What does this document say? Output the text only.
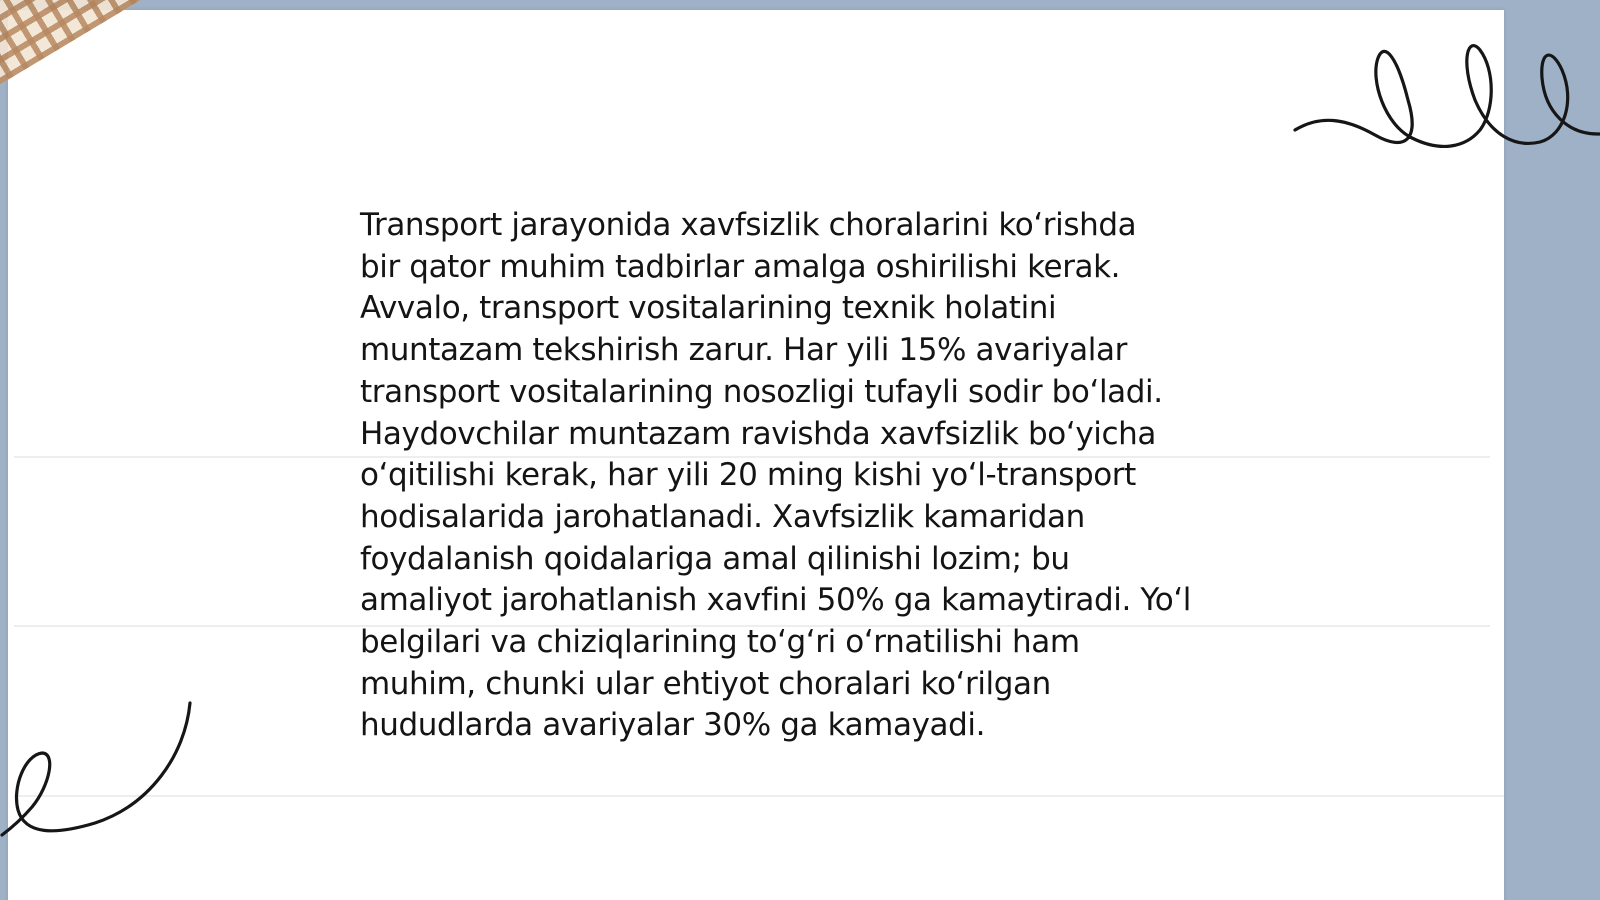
Transport jarayonida xavfsizlik choralarini ko‘rishda
bir qator muhim tadbirlar amalga oshirilishi kerak.
Avvalo, transport vositalarining texnik holatini
muntazam tekshirish zarur. Har yili 15% avariyalar
transport vositalarining nosozligi tufayli sodir bo‘ladi.
Haydovchilar muntazam ravishda xavfsizlik bo‘yicha
o‘qitilishi kerak, har yili 20 ming kishi yo‘l-transport
hodisalarida jarohatlanadi. Xavfsizlik kamaridan
foydalanish qoidalariga amal qilinishi lozim; bu
amaliyot jarohatlanish xavfini 50% ga kamaytiradi. Yo‘l
belgilari va chiziqlarining to‘g‘ri o‘rnatilishi ham
muhim, chunki ular ehtiyot choralari ko‘rilgan
hududlarda avariyalar 30% ga kamayadi.
